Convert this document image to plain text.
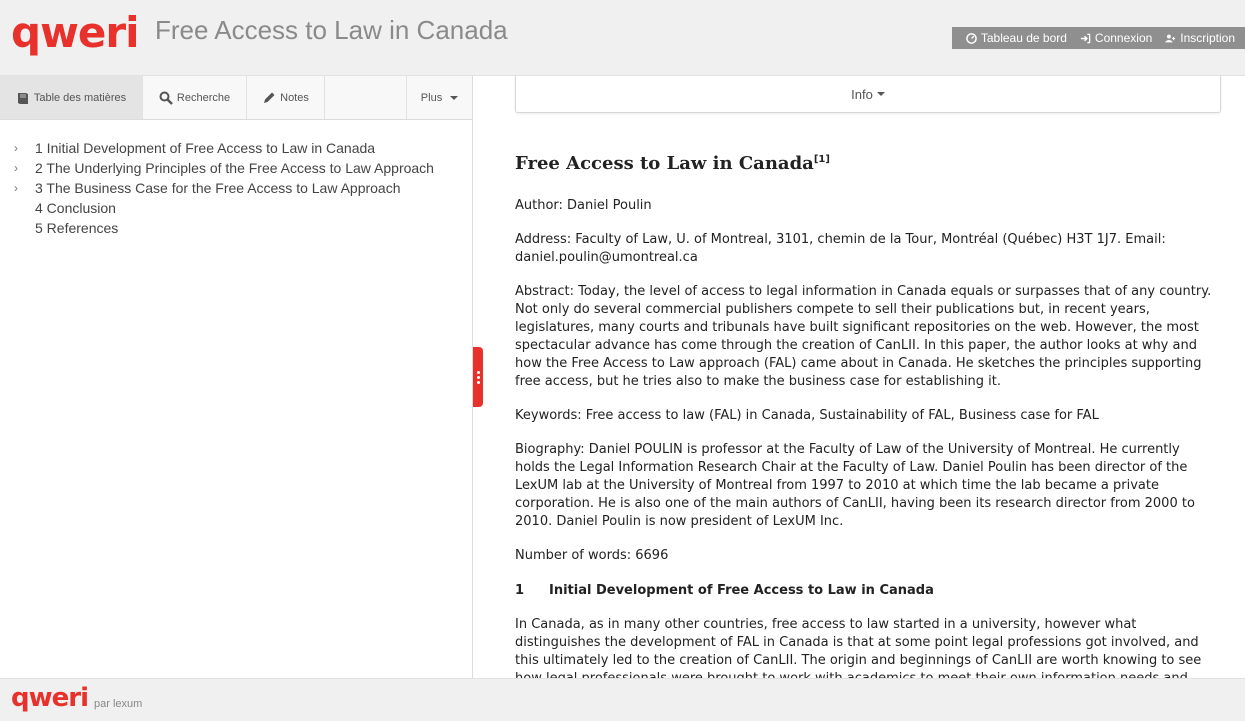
qweri Free Access to Law in Canada	Tableau de bord Connexion Inscription
Table des matières	Recherche	Notes	Plus
›	1 Initial Development of Free Access to Law in Canada
›	2 The Underlying Principles of the Free Access to Law Approach
›	3 The Business Case for the Free Access to Law Approach
4 Conclusion
5 References
Info
Free Access to Law in Canada[1]

Author: Daniel Poulin

Address: Faculty of Law, U. of Montreal, 3101, chemin de la Tour, Montréal (Québec) H3T 1J7. Email: daniel.poulin@umontreal.ca

Abstract: Today, the level of access to legal information in Canada equals or surpasses that of any country. Not only do several commercial publishers compete to sell their publications but, in recent years, legislatures, many courts and tribunals have built significant repositories on the web. However, the most spectacular advance has come through the creation of CanLII. In this paper, the author looks at why and how the Free Access to Law approach (FAL) came about in Canada. He sketches the principles supporting free access, but he tries also to make the business case for establishing it.

Keywords: Free access to law (FAL) in Canada, Sustainability of FAL, Business case for FAL

Biography: Daniel POULIN is professor at the Faculty of Law of the University of Montreal. He currently holds the Legal Information Research Chair at the Faculty of Law. Daniel Poulin has been director of the LexUM lab at the University of Montreal from 1997 to 2010 at which time the lab became a private corporation. He is also one of the main authors of CanLII, having been its research director from 2000 to 2010. Daniel Poulin is now president of LexUM Inc.

Number of words: 6696

1	Initial Development of Free Access to Law in Canada

In Canada, as in many other countries, free access to law started in a university, however what distinguishes the development of FAL in Canada is that at some point legal professions got involved, and this ultimately led to the creation of CanLII. The origin and beginnings of CanLII are worth knowing to see

qweri par lexum
